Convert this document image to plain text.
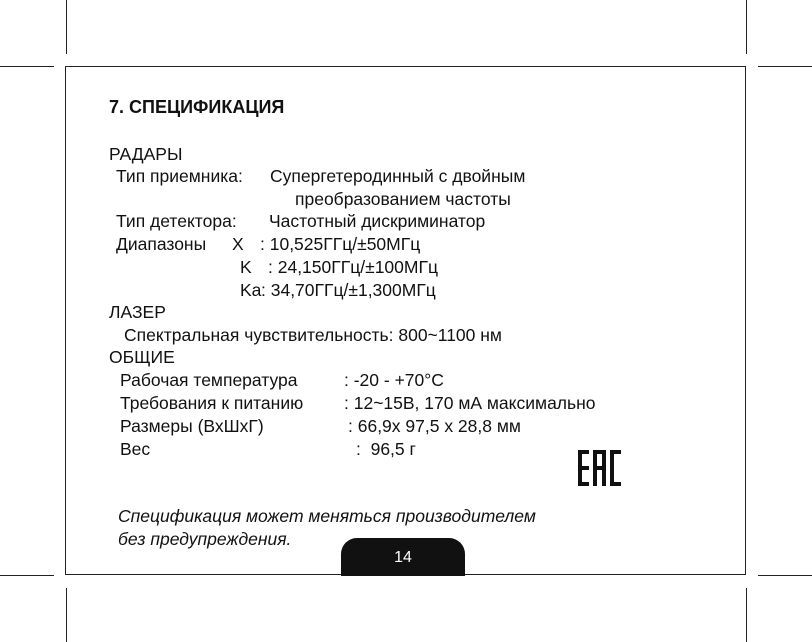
7. СПЕЦИФИКАЦИЯ
РАДАРЫ
Тип приемника: Супергетеродинный с двойным
преобразованием частоты
Тип детектора: Частотный дискриминатор
Диапазоны X : 10,525ГГц/±50МГц
K : 24,150ГГц/±100МГц
Ka : 34,70ГГц/±1,300МГц
ЛАЗЕР
Спектральная чувствительность: 800~1100 нм
ОБЩИЕ
Рабочая температура	: -20 - +70°C
Требования к питанию : 12~15В, 170 мА максимально
Размеры (ВхШхГ)	: 66,9х 97,5 х 28,8 мм
Вес	:  96,5 г
Спецификация может меняться производителем
без предупреждения.
14
